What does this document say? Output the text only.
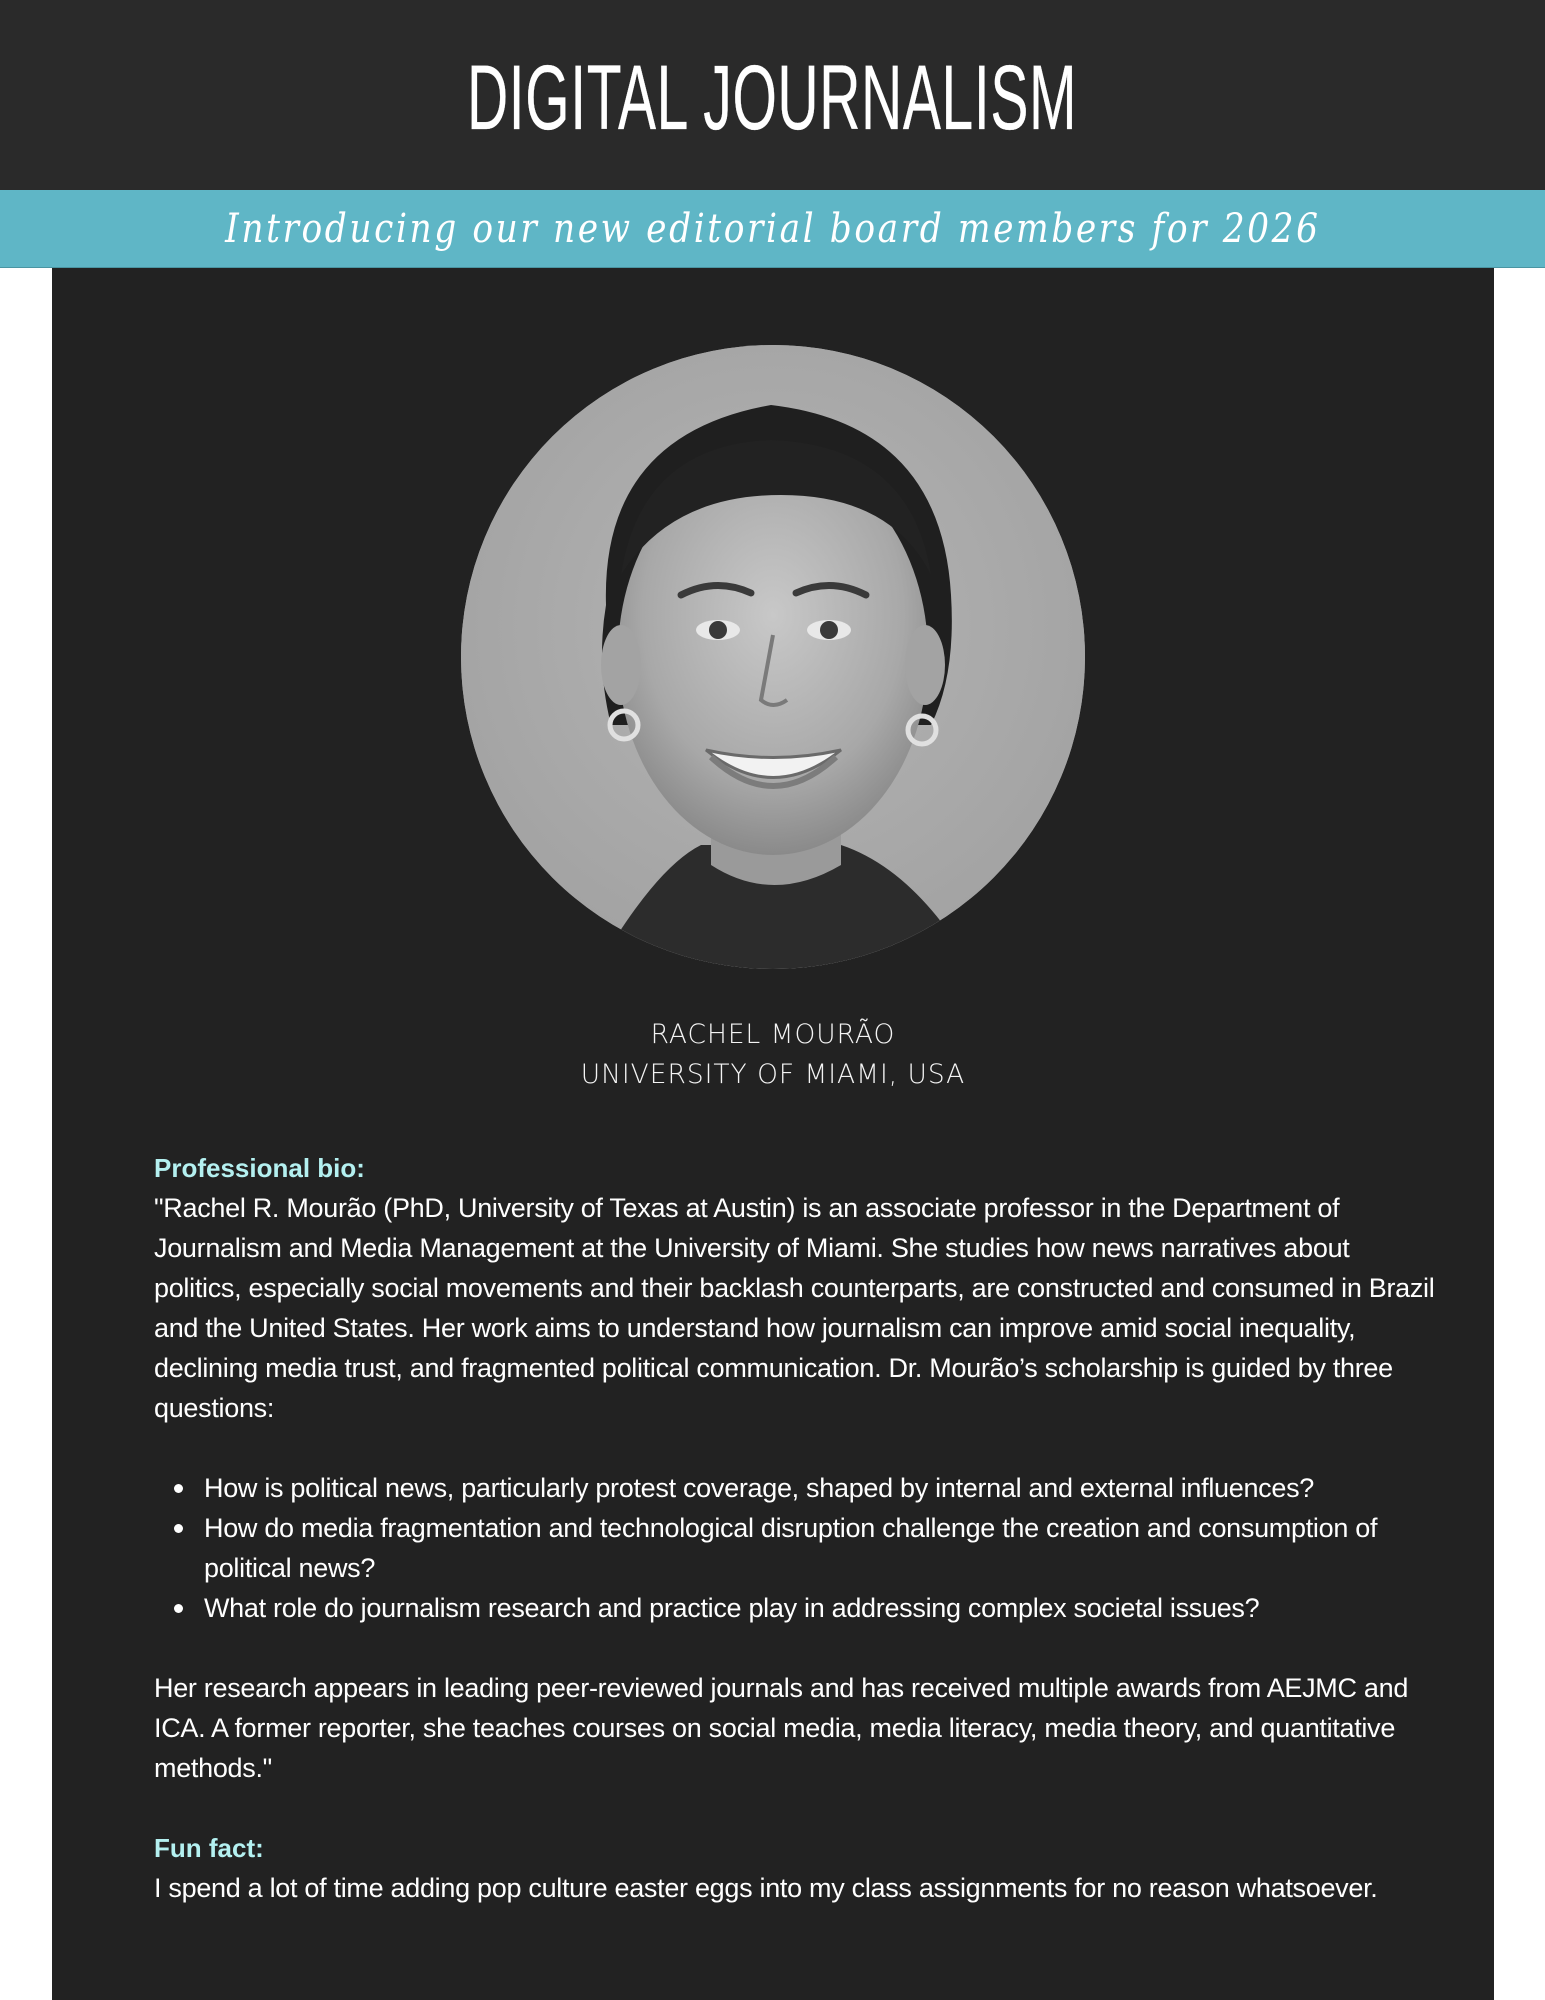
DIGITAL JOURNALISM
Introducing our new editorial board members for 2026
RACHEL MOURÃO
UNIVERSITY OF MIAMI, USA
Professional bio:
"Rachel R. Mourão (PhD, University of Texas at Austin) is an associate professor in the Department of Journalism and Media Management at the University of Miami. She studies how news narratives about politics, especially social movements and their backlash counterparts, are constructed and consumed in Brazil and the United States. Her work aims to understand how journalism can improve amid social inequality, declining media trust, and fragmented political communication. Dr. Mourão’s scholarship is guided by three questions:
How is political news, particularly protest coverage, shaped by internal and external influences?
How do media fragmentation and technological disruption challenge the creation and consumption of political news?
What role do journalism research and practice play in addressing complex societal issues?
Her research appears in leading peer-reviewed journals and has received multiple awards from AEJMC and ICA. A former reporter, she teaches courses on social media, media literacy, media theory, and quantitative methods."
Fun fact:
I spend a lot of time adding pop culture easter eggs into my class assignments for no reason whatsoever.
